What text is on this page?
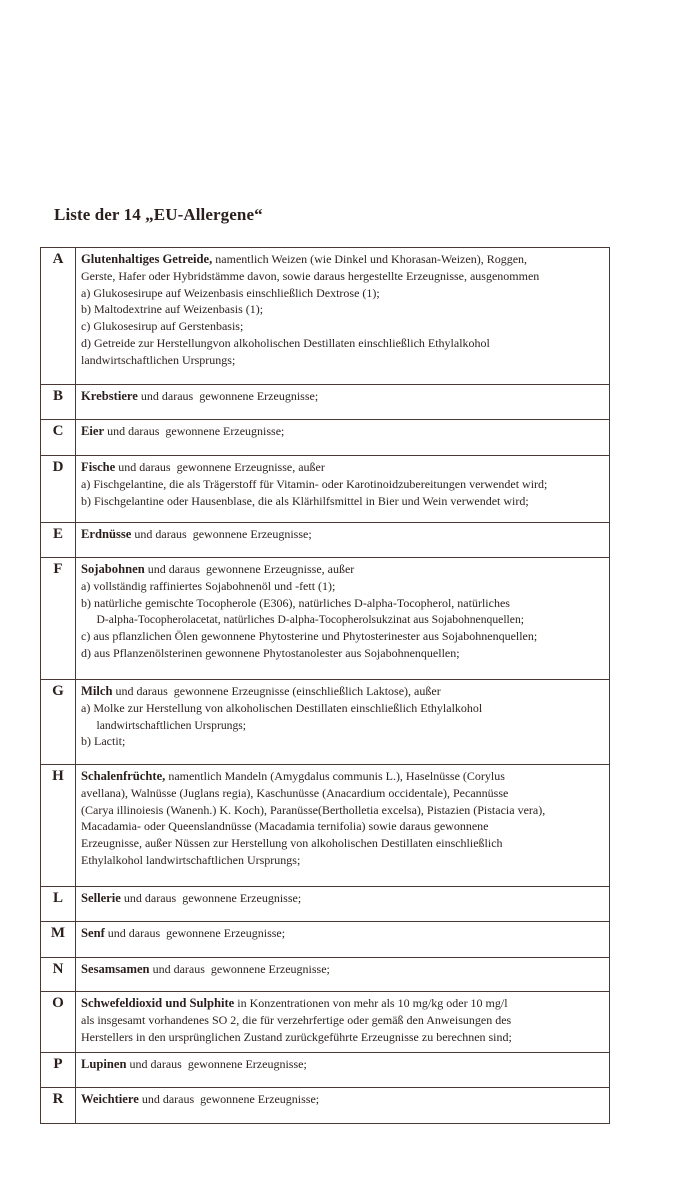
Liste der 14 „EU-Allergene“
A	Glutenhaltiges Getreide, namentlich Weizen (wie Dinkel und Khorasan-Weizen), Roggen,
Gerste, Hafer oder Hybridstämme davon, sowie daraus hergestellte Erzeugnisse, ausgenommen
a) Glukosesirupe auf Weizenbasis einschließlich Dextrose (1);
b) Maltodextrine auf Weizenbasis (1);
c) Glukosesirup auf Gerstenbasis;
d) Getreide zur Herstellungvon alkoholischen Destillaten einschließlich Ethylalkohol
landwirtschaftlichen Ursprungs;
B	Krebstiere und daraus  gewonnene Erzeugnisse;
C	Eier und daraus  gewonnene Erzeugnisse;
D	Fische und daraus  gewonnene Erzeugnisse, außer
a) Fischgelantine, die als Trägerstoff für Vitamin- oder Karotinoidzubereitungen verwendet wird;
b) Fischgelantine oder Hausenblase, die als Klärhilfsmittel in Bier und Wein verwendet wird;
E	Erdnüsse und daraus  gewonnene Erzeugnisse;
F	Sojabohnen und daraus  gewonnene Erzeugnisse, außer
a) vollständig raffiniertes Sojabohnenöl und -fett (1);
b) natürliche gemischte Tocopherole (E306), natürliches D-alpha-Tocopherol, natürliches
D-alpha-Tocopherolacetat, natürliches D-alpha-Tocopherolsukzinat aus Sojabohnenquellen;
c) aus pflanzlichen Ölen gewonnene Phytosterine und Phytosterinester aus Sojabohnenquellen;
d) aus Pflanzenölsterinen gewonnene Phytostanolester aus Sojabohnenquellen;
G	Milch und daraus  gewonnene Erzeugnisse (einschließlich Laktose), außer
a) Molke zur Herstellung von alkoholischen Destillaten einschließlich Ethylalkohol
landwirtschaftlichen Ursprungs;
b) Lactit;
H	Schalenfrüchte, namentlich Mandeln (Amygdalus communis L.), Haselnüsse (Corylus
avellana), Walnüsse (Juglans regia), Kaschunüsse (Anacardium occidentale), Pecannüsse
(Carya illinoiesis (Wanenh.) K. Koch), Paranüsse(Bertholletia excelsa), Pistazien (Pistacia vera),
Macadamia- oder Queenslandnüsse (Macadamia ternifolia) sowie daraus gewonnene
Erzeugnisse, außer Nüssen zur Herstellung von alkoholischen Destillaten einschließlich
Ethylalkohol landwirtschaftlichen Ursprungs;
L	Sellerie und daraus  gewonnene Erzeugnisse;
M	Senf und daraus  gewonnene Erzeugnisse;
N	Sesamsamen und daraus  gewonnene Erzeugnisse;
O	Schwefeldioxid und Sulphite in Konzentrationen von mehr als 10 mg/kg oder 10 mg/l
als insgesamt vorhandenes SO 2, die für verzehrfertige oder gemäß den Anweisungen des
Herstellers in den ursprünglichen Zustand zurückgeführte Erzeugnisse zu berechnen sind;
P	Lupinen und daraus  gewonnene Erzeugnisse;
R	Weichtiere und daraus  gewonnene Erzeugnisse;
